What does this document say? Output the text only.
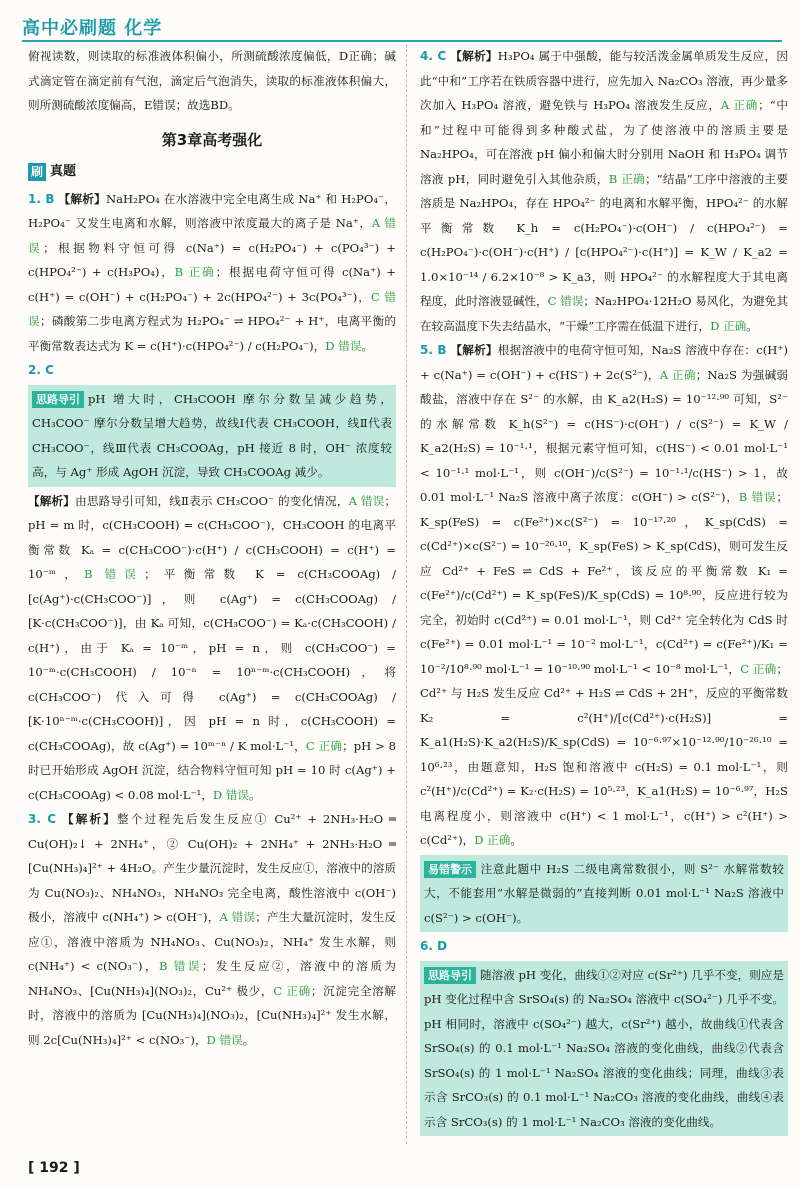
高中必刷题 化学

俯视读数，则读取的标准液体积偏小，所测硫酸浓度偏低，D正确；碱式滴定管在滴定前有气泡，滴定后气泡消失，读取的标准液体积偏大，则所测硫酸浓度偏高，E错误；故选BD。

第3章高考强化
刷 真题

1. B 【解析】NaH₂PO₄ 在水溶液中完全电离生成 Na⁺ 和 H₂PO₄⁻，H₂PO₄⁻ 又发生电离和水解，则溶液中浓度最大的离子是 Na⁺，A 错误；根据物料守恒可得 c(Na⁺) = c(H₂PO₄⁻) + c(PO₄³⁻) + c(HPO₄²⁻) + c(H₃PO₄)，B 正确；根据电荷守恒可得 c(Na⁺) + c(H⁺) = c(OH⁻) + c(H₂PO₄⁻) + 2c(HPO₄²⁻) + 3c(PO₄³⁻)，C 错误；磷酸第二步电离方程式为 H₂PO₄⁻ ⇌ HPO₄²⁻ + H⁺，电离平衡的平衡常数表达式为 K = c(H⁺)·c(HPO₄²⁻) / c(H₂PO₄⁻)，D 错误。

2. C

思路导引 pH 增大时，CH₃COOH 摩尔分数呈减少趋势，CH₃COO⁻ 摩尔分数呈增大趋势，故线Ⅰ代表 CH₃COOH，线Ⅱ代表 CH₃COO⁻，线Ⅲ代表 CH₃COOAg，pH 接近 8 时，OH⁻ 浓度较高，与 Ag⁺ 形成 AgOH 沉淀，导致 CH₃COOAg 减少。

【解析】由思路导引可知，线Ⅱ表示 CH₃COO⁻ 的变化情况，A 错误；pH = m 时，c(CH₃COOH) = c(CH₃COO⁻)，CH₃COOH 的电离平衡常数 Kₐ = c(CH₃COO⁻)·c(H⁺) / c(CH₃COOH) = c(H⁺) = 10⁻ᵐ，B 错误；平衡常数 K = c(CH₃COOAg) / [c(Ag⁺)·c(CH₃COO⁻)]，则 c(Ag⁺) = c(CH₃COOAg) / [K·c(CH₃COO⁻)]，由 Kₐ 可知，c(CH₃COO⁻) = Kₐ·c(CH₃COOH) / c(H⁺)，由于 Kₐ = 10⁻ᵐ，pH = n，则 c(CH₃COO⁻) = 10⁻ᵐ·c(CH₃COOH) / 10⁻ⁿ = 10ⁿ⁻ᵐ·c(CH₃COOH)，将 c(CH₃COO⁻) 代入可得 c(Ag⁺) = c(CH₃COOAg) / [K·10ⁿ⁻ᵐ·c(CH₃COOH)]，因 pH = n 时，c(CH₃COOH) = c(CH₃COOAg)，故 c(Ag⁺) = 10ᵐ⁻ⁿ / K mol·L⁻¹，C 正确；pH > 8 时已开始形成 AgOH 沉淀，结合物料守恒可知 pH = 10 时 c(Ag⁺) + c(CH₃COOAg) < 0.08 mol·L⁻¹，D 错误。

3. C 【解析】整个过程先后发生反应① Cu²⁺ + 2NH₃·H₂O ═ Cu(OH)₂↓ + 2NH₄⁺，② Cu(OH)₂ + 2NH₄⁺ + 2NH₃·H₂O ═ [Cu(NH₃)₄]²⁺ + 4H₂O。产生少量沉淀时，发生反应①，溶液中的溶质为 Cu(NO₃)₂、NH₄NO₃，NH₄NO₃ 完全电离，酸性溶液中 c(OH⁻) 极小，溶液中 c(NH₄⁺) > c(OH⁻)，A 错误；产生大量沉淀时，发生反应①，溶液中溶质为 NH₄NO₃、Cu(NO₃)₂，NH₄⁺ 发生水解，则 c(NH₄⁺) < c(NO₃⁻)，B 错误；发生反应②，溶液中的溶质为 NH₄NO₃、[Cu(NH₃)₄](NO₃)₂，Cu²⁺ 极少，C 正确；沉淀完全溶解时，溶液中的溶质为 [Cu(NH₃)₄](NO₃)₂，[Cu(NH₃)₄]²⁺ 发生水解，则 2c[Cu(NH₃)₄]²⁺ < c(NO₃⁻)，D 错误。

4. C 【解析】H₃PO₄ 属于中强酸，能与较活泼金属单质发生反应，因此“中和”工序若在铁质容器中进行，应先加入 Na₂CO₃ 溶液，再少量多次加入 H₃PO₄ 溶液，避免铁与 H₃PO₄ 溶液发生反应，A 正确；“中和”过程中可能得到多种酸式盐，为了使溶液中的溶质主要是 Na₂HPO₄，可在溶液 pH 偏小和偏大时分别用 NaOH 和 H₃PO₄ 调节溶液 pH，同时避免引入其他杂质，B 正确；“结晶”工序中溶液的主要溶质是 Na₂HPO₄，存在 HPO₄²⁻ 的电离和水解平衡，HPO₄²⁻ 的水解平衡常数 K_h = c(H₂PO₄⁻)·c(OH⁻) / c(HPO₄²⁻) = c(H₂PO₄⁻)·c(OH⁻)·c(H⁺) / [c(HPO₄²⁻)·c(H⁺)] = K_W / K_a2 = 1.0×10⁻¹⁴ / 6.2×10⁻⁸ > K_a3，则 HPO₄²⁻ 的水解程度大于其电离程度，此时溶液显碱性，C 错误；Na₂HPO₄·12H₂O 易风化，为避免其在较高温度下失去结晶水，“干燥”工序需在低温下进行，D 正确。

5. B 【解析】根据溶液中的电荷守恒可知，Na₂S 溶液中存在：c(H⁺) + c(Na⁺) = c(OH⁻) + c(HS⁻) + 2c(S²⁻)，A 正确；Na₂S 为强碱弱酸盐，溶液中存在 S²⁻ 的水解，由 K_a2(H₂S) = 10⁻¹²·⁹⁰ 可知，S²⁻ 的水解常数 K_h(S²⁻) = c(HS⁻)·c(OH⁻) / c(S²⁻) = K_W / K_a2(H₂S) = 10⁻¹·¹，根据元素守恒可知，c(HS⁻) < 0.01 mol·L⁻¹ < 10⁻¹·¹ mol·L⁻¹，则 c(OH⁻)/c(S²⁻) = 10⁻¹·¹/c(HS⁻) > 1，故 0.01 mol·L⁻¹ Na₂S 溶液中离子浓度：c(OH⁻) > c(S²⁻)，B 错误；K_sp(FeS) = c(Fe²⁺)×c(S²⁻) = 10⁻¹⁷·²⁰，K_sp(CdS) = c(Cd²⁺)×c(S²⁻) = 10⁻²⁶·¹⁰，K_sp(FeS) > K_sp(CdS)，则可发生反应 Cd²⁺ + FeS ⇌ CdS + Fe²⁺，该反应的平衡常数 K₁ = c(Fe²⁺)/c(Cd²⁺) = K_sp(FeS)/K_sp(CdS) = 10⁸·⁹⁰，反应进行较为完全，初始时 c(Cd²⁺) = 0.01 mol·L⁻¹，则 Cd²⁺ 完全转化为 CdS 时 c(Fe²⁺) = 0.01 mol·L⁻¹ = 10⁻² mol·L⁻¹，c(Cd²⁺) = c(Fe²⁺)/K₁ = 10⁻²/10⁸·⁹⁰ mol·L⁻¹ = 10⁻¹⁰·⁹⁰ mol·L⁻¹ < 10⁻⁸ mol·L⁻¹，C 正确；Cd²⁺ 与 H₂S 发生反应 Cd²⁺ + H₂S ⇌ CdS + 2H⁺，反应的平衡常数 K₂ = c²(H⁺)/[c(Cd²⁺)·c(H₂S)] = K_a1(H₂S)·K_a2(H₂S)/K_sp(CdS) = 10⁻⁶·⁹⁷×10⁻¹²·⁹⁰/10⁻²⁶·¹⁰ = 10⁶·²³，由题意知，H₂S 饱和溶液中 c(H₂S) = 0.1 mol·L⁻¹，则 c²(H⁺)/c(Cd²⁺) = K₂·c(H₂S) = 10⁵·²³，K_a1(H₂S) = 10⁻⁶·⁹⁷，H₂S 电离程度小，则溶液中 c(H⁺) < 1 mol·L⁻¹，c(H⁺) > c²(H⁺) > c(Cd²⁺)，D 正确。

易错警示 注意此题中 H₂S 二级电离常数很小，则 S²⁻ 水解常数较大，不能套用“水解是微弱的”直接判断 0.01 mol·L⁻¹ Na₂S 溶液中 c(S²⁻) > c(OH⁻)。

6. D

思路导引 随溶液 pH 变化，曲线①②对应 c(Sr²⁺) 几乎不变，则应是 pH 变化过程中含 SrSO₄(s) 的 Na₂SO₄ 溶液中 c(SO₄²⁻) 几乎不变。pH 相同时，溶液中 c(SO₄²⁻) 越大，c(Sr²⁺) 越小，故曲线①代表含 SrSO₄(s) 的 0.1 mol·L⁻¹ Na₂SO₄ 溶液的变化曲线，曲线②代表含 SrSO₄(s) 的 1 mol·L⁻¹ Na₂SO₄ 溶液的变化曲线；同理，曲线③表示含 SrCO₃(s) 的 0.1 mol·L⁻¹ Na₂CO₃ 溶液的变化曲线，曲线④表示含 SrCO₃(s) 的 1 mol·L⁻¹ Na₂CO₃ 溶液的变化曲线。
[ 192 ]
